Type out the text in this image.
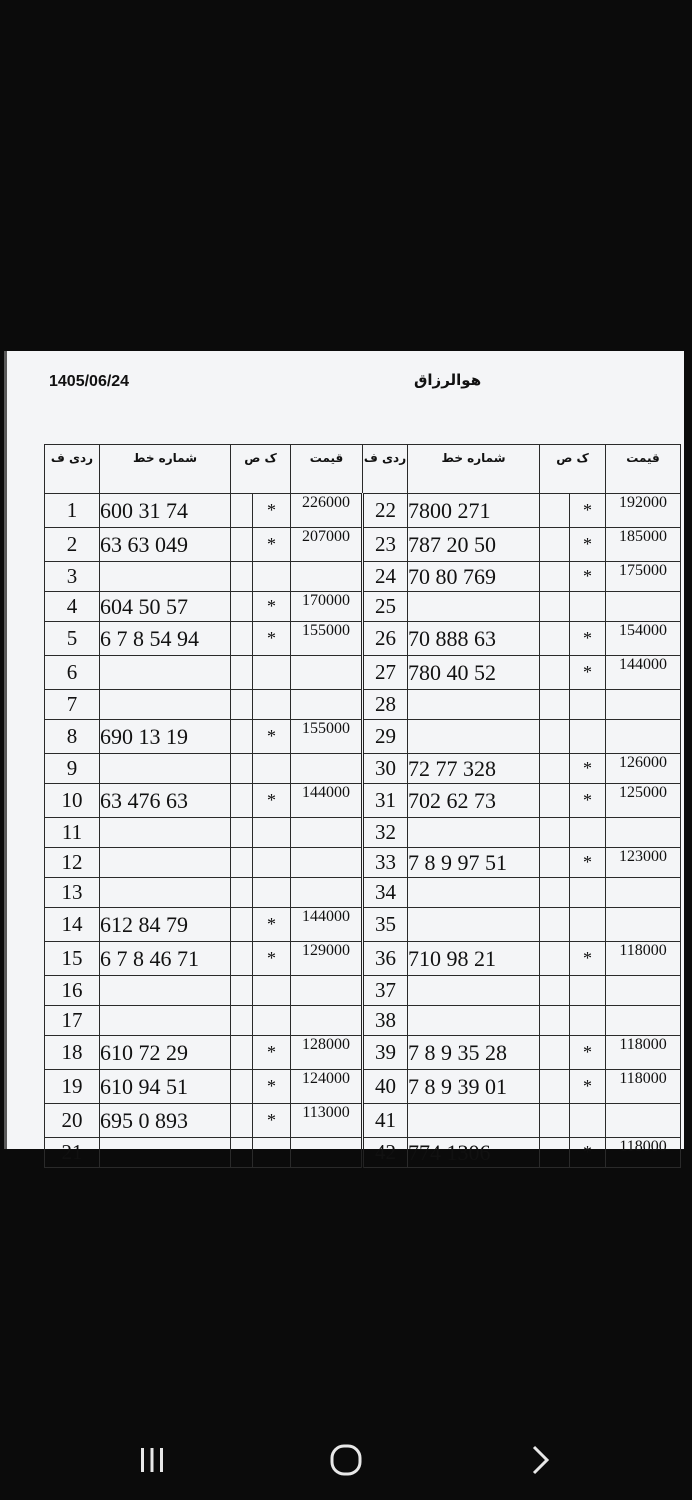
1405/06/24	هوالرزاق
ردی ف	شماره خط	ک ص		قیمت	ردی ف	شماره خط	ک ص		قیمت
1	600 31 74		*	226000	22	7800 271		*	192000
2	63 63 049		*	207000	23	787 20 50		*	185000
3					24	70 80 769		*	175000
4	604 50 57		*	170000	25				
5	6 7 8 54 94		*	155000	26	70 888 63		*	154000
6					27	780 40 52		*	144000
7					28				
8	690 13 19		*	155000	29				
9					30	72 77 328		*	126000
10	63 476 63		*	144000	31	702 62 73		*	125000
11					32				
12					33	7 8 9 97 51		*	123000
13					34				
14	612 84 79		*	144000	35				
15	6 7 8 46 71		*	129000	36	710 98 21		*	118000
16					37				
17					38				
18	610 72 29		*	128000	39	7 8 9 35 28		*	118000
19	610 94 51		*	124000	40	7 8 9 39 01		*	118000
20	695 0 893		*	113000	41				
21					42	774 1306		*	118000
